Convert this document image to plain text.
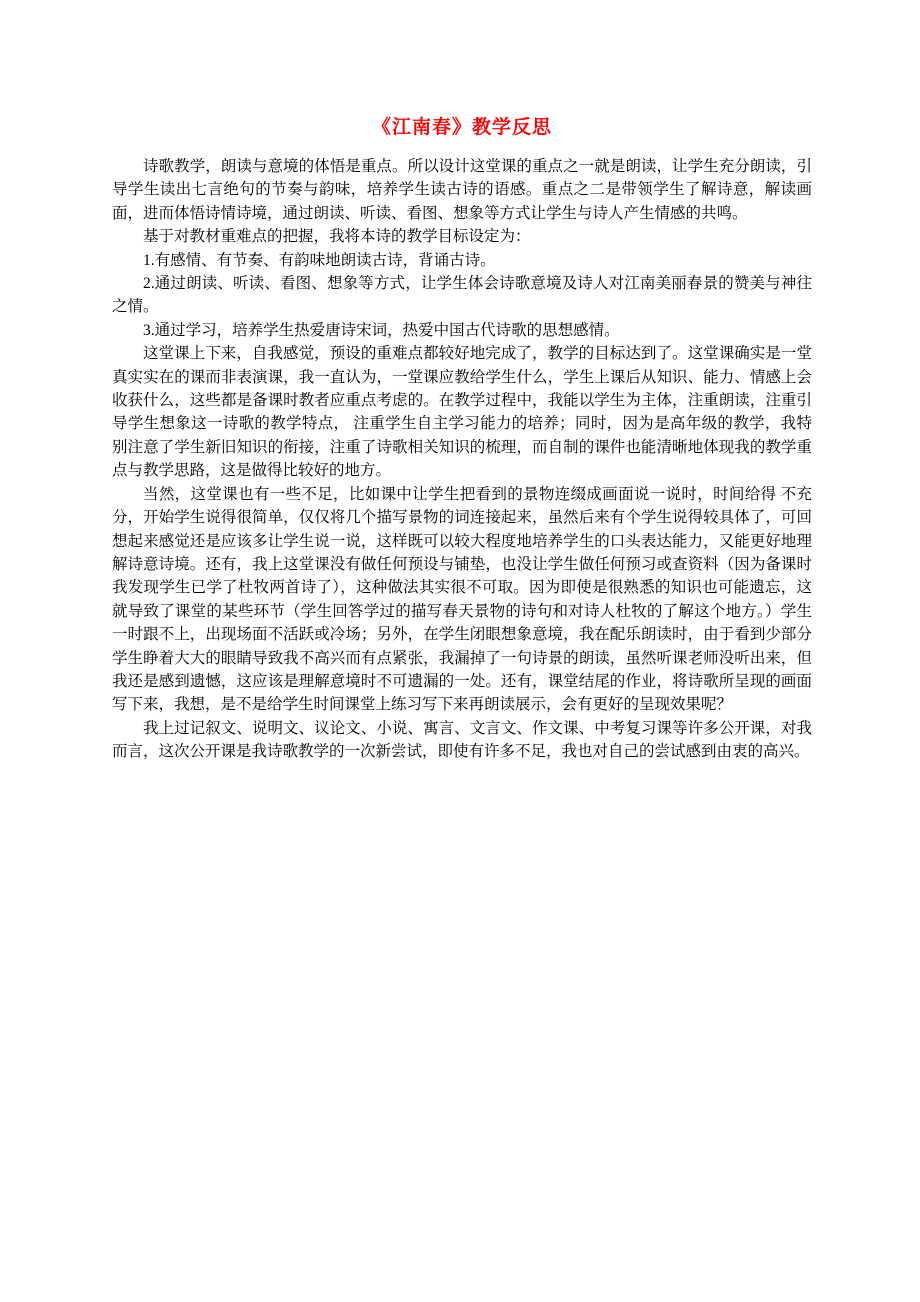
《江南春》教学反思

诗歌教学，朗读与意境的体悟是重点。所以设计这堂课的重点之一就是朗读，让学生充分朗读，引导学生读出七言绝句的节奏与韵味，培养学生读古诗的语感。重点之二是带领学生了解诗意，解读画面，进而体悟诗情诗境，通过朗读、听读、看图、想象等方式让学生与诗人产生情感的共鸣。

基于对教材重难点的把握，我将本诗的教学目标设定为：

1.有感情、有节奏、有韵味地朗读古诗，背诵古诗。

2.通过朗读、听读、看图、想象等方式，让学生体会诗歌意境及诗人对江南美丽春景的赞美与神往之情。

3.通过学习，培养学生热爱唐诗宋词，热爱中国古代诗歌的思想感情。

这堂课上下来，自我感觉，预设的重难点都较好地完成了，教学的目标达到了。这堂课确实是一堂真实实在的课而非表演课，我一直认为，一堂课应教给学生什么，学生上课后从知识、能力、情感上会收获什么，这些都是备课时教者应重点考虑的。在教学过程中，我能以学生为主体，注重朗读，注重引导学生想象这一诗歌的教学特点， 注重学生自主学习能力的培养；同时，因为是高年级的教学，我特别注意了学生新旧知识的衔接，注重了诗歌相关知识的梳理，而自制的课件也能清晰地体现我的教学重点与教学思路，这是做得比较好的地方。

当然，这堂课也有一些不足，比如课中让学生把看到的景物连缀成画面说一说时，时间给得 不充分，开始学生说得很简单，仅仅将几个描写景物的词连接起来，虽然后来有个学生说得较具体了，可回想起来感觉还是应该多让学生说一说，这样既可以较大程度地培养学生的口头表达能力，又能更好地理解诗意诗境。还有，我上这堂课没有做任何预设与铺垫，也没让学生做任何预习或查资料（因为备课时我发现学生已学了杜牧两首诗了），这种做法其实很不可取。因为即使是很熟悉的知识也可能遗忘，这就导致了课堂的某些环节（学生回答学过的描写春天景物的诗句和对诗人杜牧的了解这个地方。）学生一时跟不上，出现场面不活跃或冷场；另外，在学生闭眼想象意境，我在配乐朗读时，由于看到少部分学生睁着大大的眼睛导致我不高兴而有点紧张，我漏掉了一句诗景的朗读，虽然听课老师没听出来，但我还是感到遗憾，这应该是理解意境时不可遗漏的一处。还有，课堂结尾的作业，将诗歌所呈现的画面写下来，我想，是不是给学生时间课堂上练习写下来再朗读展示，会有更好的呈现效果呢？

我上过记叙文、说明文、议论文、小说、寓言、文言文、作文课、中考复习课等许多公开课，对我而言，这次公开课是我诗歌教学的一次新尝试，即使有许多不足，我也对自己的尝试感到由衷的高兴。
